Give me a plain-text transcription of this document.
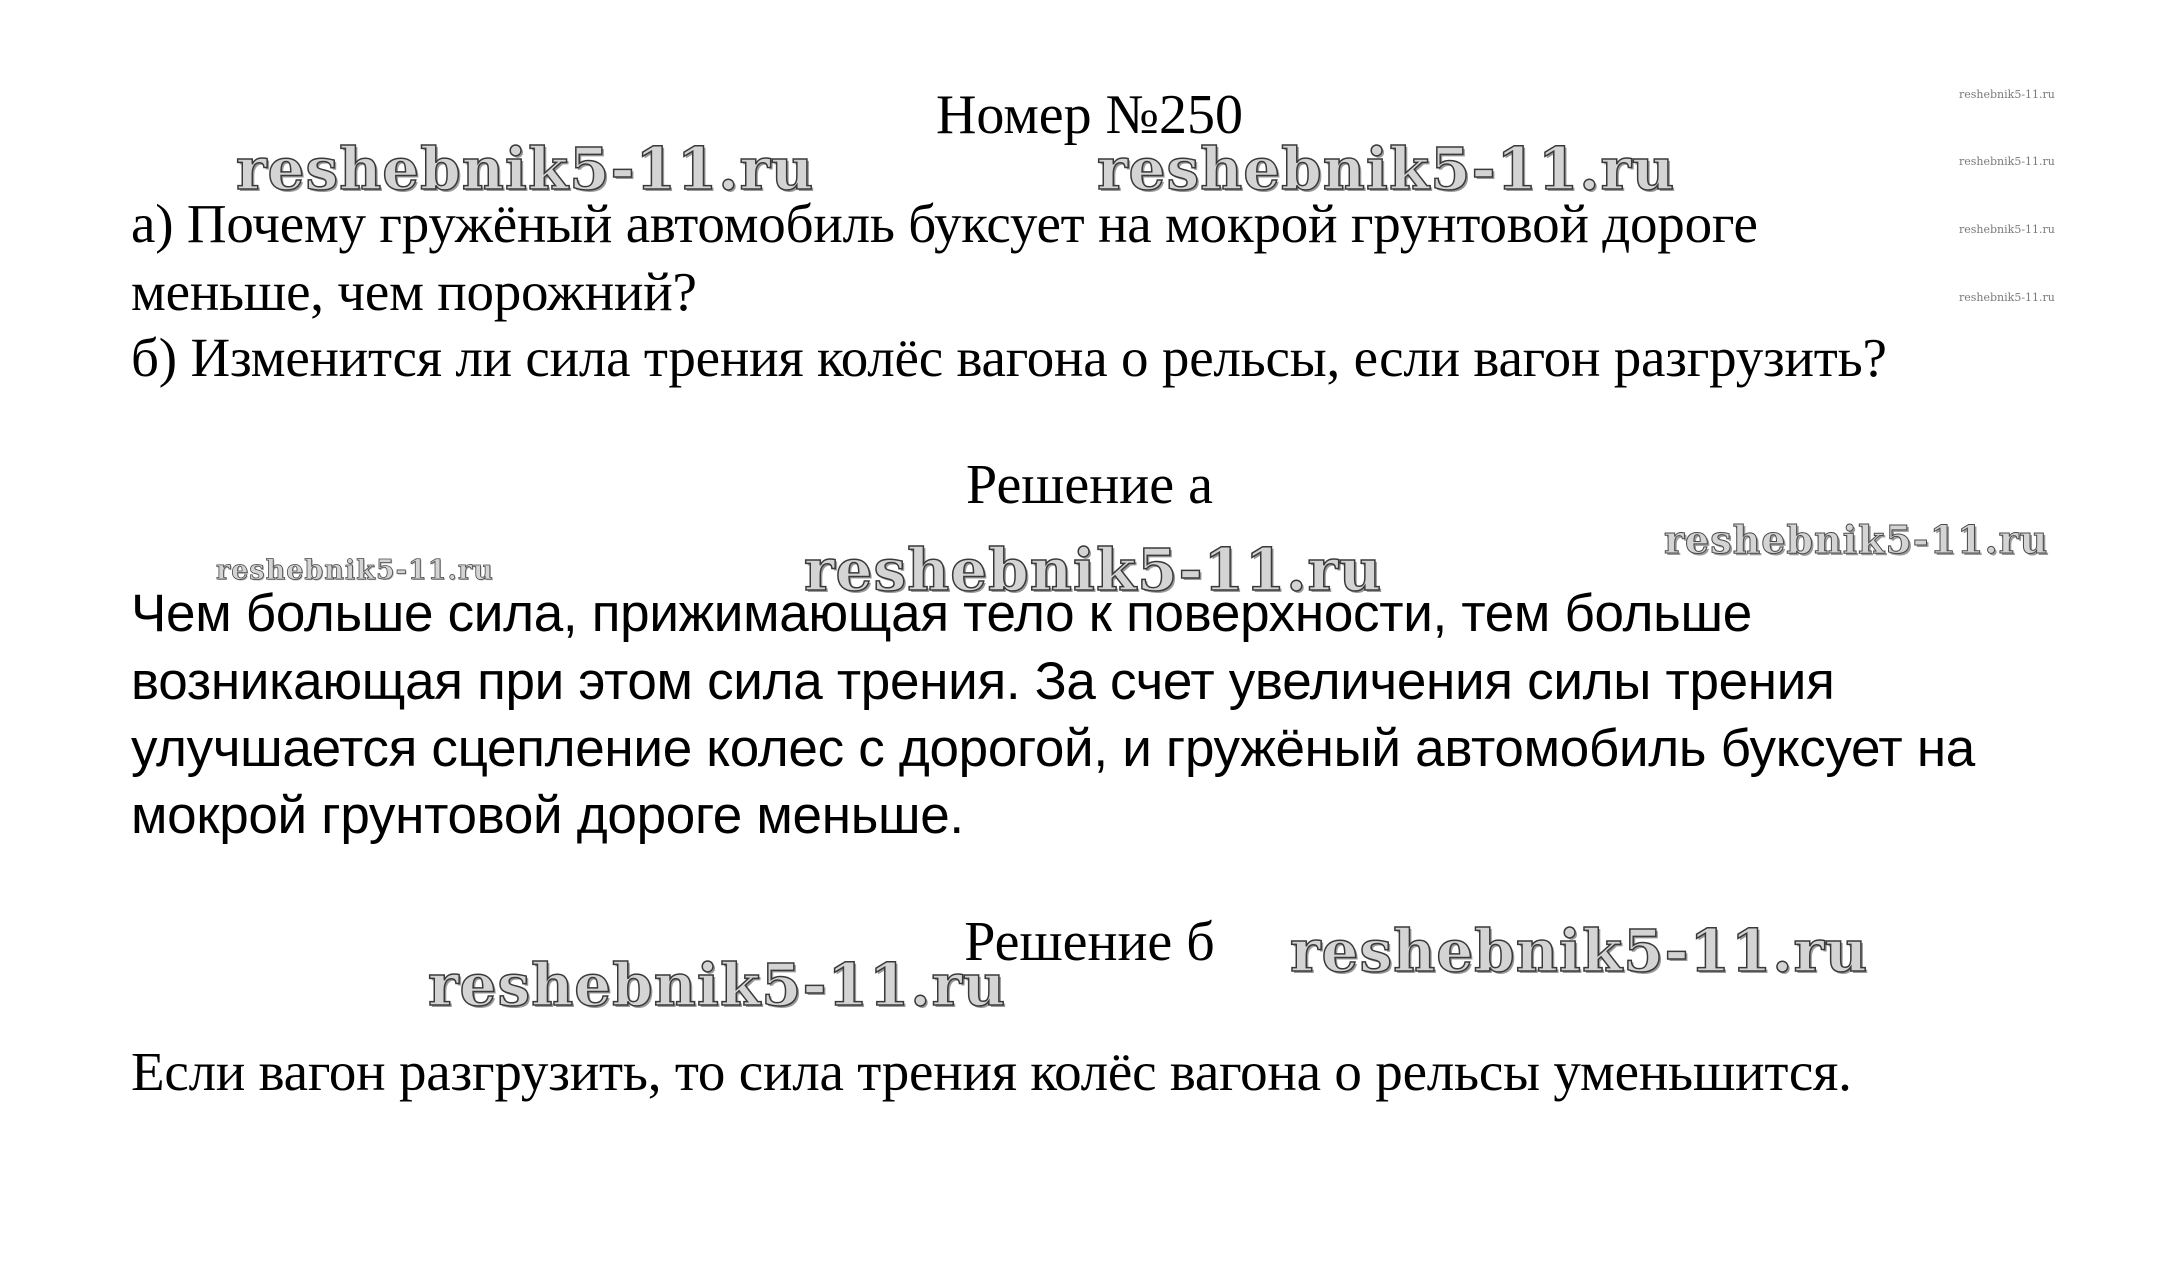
reshebnik5-11.ru	reshebnik5-11.ru
reshebnik5-11.ru
reshebnik5-11.ru
reshebnik5-11.ru
reshebnik5-11.ru
reshebnik5-11.ru	reshebnik5-11.ru	reshebnik5-11.ru
reshebnik5-11.ru
reshebnik5-11.ru
Номер №250
а) Почему гружёный автомобиль буксует на мокрой грунтовой дороге
меньше, чем порожний?
б) Изменится ли сила трения колёс вагона о рельсы, если вагон разгрузить?
Решение а
Чем больше сила, прижимающая тело к поверхности, тем больше
возникающая при этом сила трения. За счет увеличения силы трения
улучшается сцепление колес с дорогой, и гружёный автомобиль буксует на
мокрой грунтовой дороге меньше.
Решение б
Если вагон разгрузить, то сила трения колёс вагона о рельсы уменьшится.
